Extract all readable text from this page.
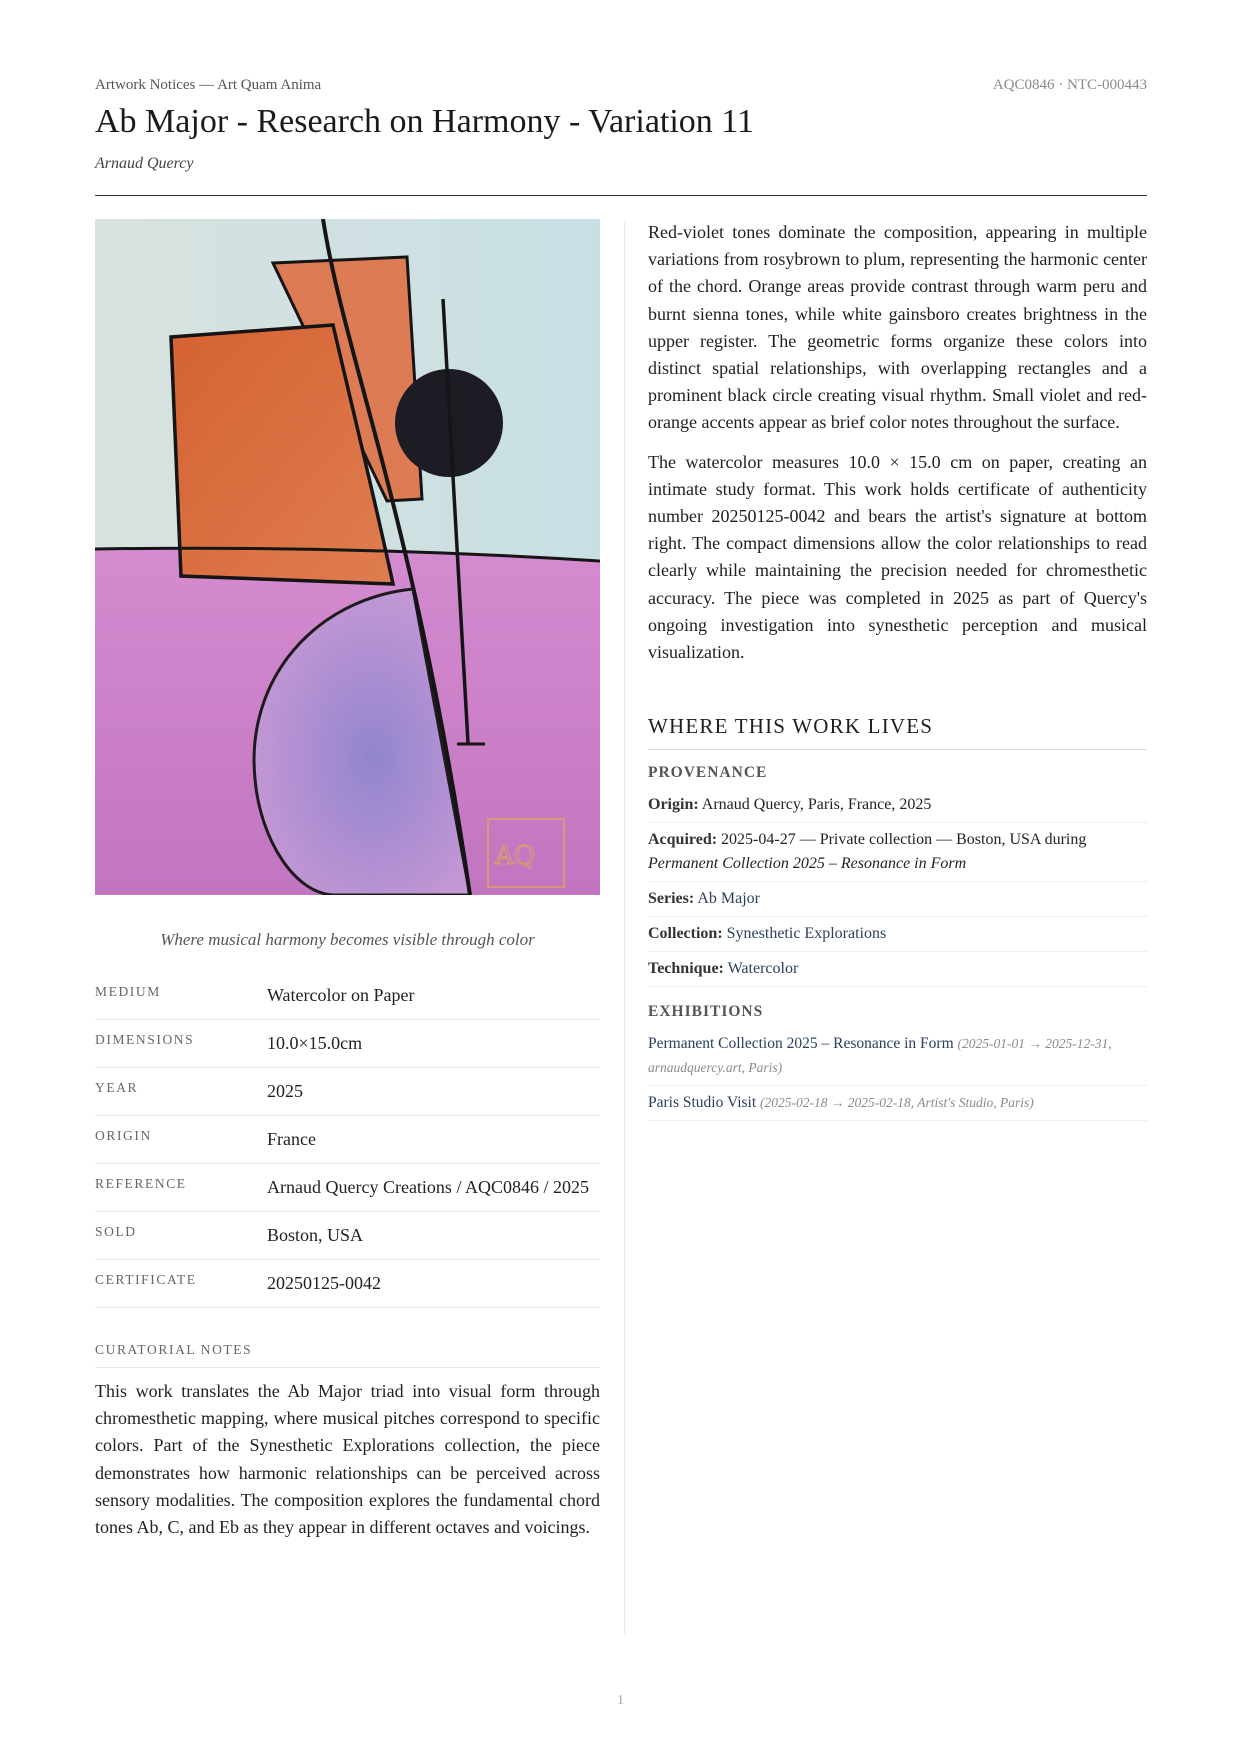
Artwork Notices — Art Quam Anima	AQC0846 · NTC-000443
Ab Major - Research on Harmony - Variation 11
Arnaud Quercy
AQ
Where musical harmony becomes visible through color
MEDIUM	Watercolor on Paper
DIMENSIONS	10.0×15.0cm
YEAR	2025
ORIGIN	France
REFERENCE	Arnaud Quercy Creations / AQC0846 / 2025
SOLD	Boston, USA
CERTIFICATE	20250125-0042
CURATORIAL NOTES

This work translates the Ab Major triad into visual form through chromesthetic mapping, where musical pitches correspond to specific colors. Part of the Synesthetic Explorations collection, the piece demonstrates how harmonic relationships can be perceived across sensory modalities. The composition explores the fundamental chord tones Ab, C, and Eb as they appear in different octaves and voicings.

Red-violet tones dominate the composition, appearing in multiple variations from rosybrown to plum, representing the harmonic center of the chord. Orange areas provide contrast through warm peru and burnt sienna tones, while white gainsboro creates brightness in the upper register. The geometric forms organize these colors into distinct spatial relationships, with overlapping rectangles and a prominent black circle creating visual rhythm. Small violet and red-orange accents appear as brief color notes throughout the surface.

The watercolor measures 10.0 × 15.0 cm on paper, creating an intimate study format. This work holds certificate of authenticity number 20250125-0042 and bears the artist's signature at bottom right. The compact dimensions allow the color relationships to read clearly while maintaining the precision needed for chromesthetic accuracy. The piece was completed in 2025 as part of Quercy's ongoing investigation into synesthetic perception and musical visualization.

WHERE THIS WORK LIVES
PROVENANCE
Origin: Arnaud Quercy, Paris, France, 2025
Acquired: 2025-04-27 — Private collection — Boston, USA during Permanent Collection 2025 – Resonance in Form
Series: Ab Major
Collection: Synesthetic Explorations
Technique: Watercolor
EXHIBITIONS
Permanent Collection 2025 – Resonance in Form (2025-01-01 → 2025-12-31, arnaudquercy.art, Paris)
Paris Studio Visit (2025-02-18 → 2025-02-18, Artist's Studio, Paris)
1
